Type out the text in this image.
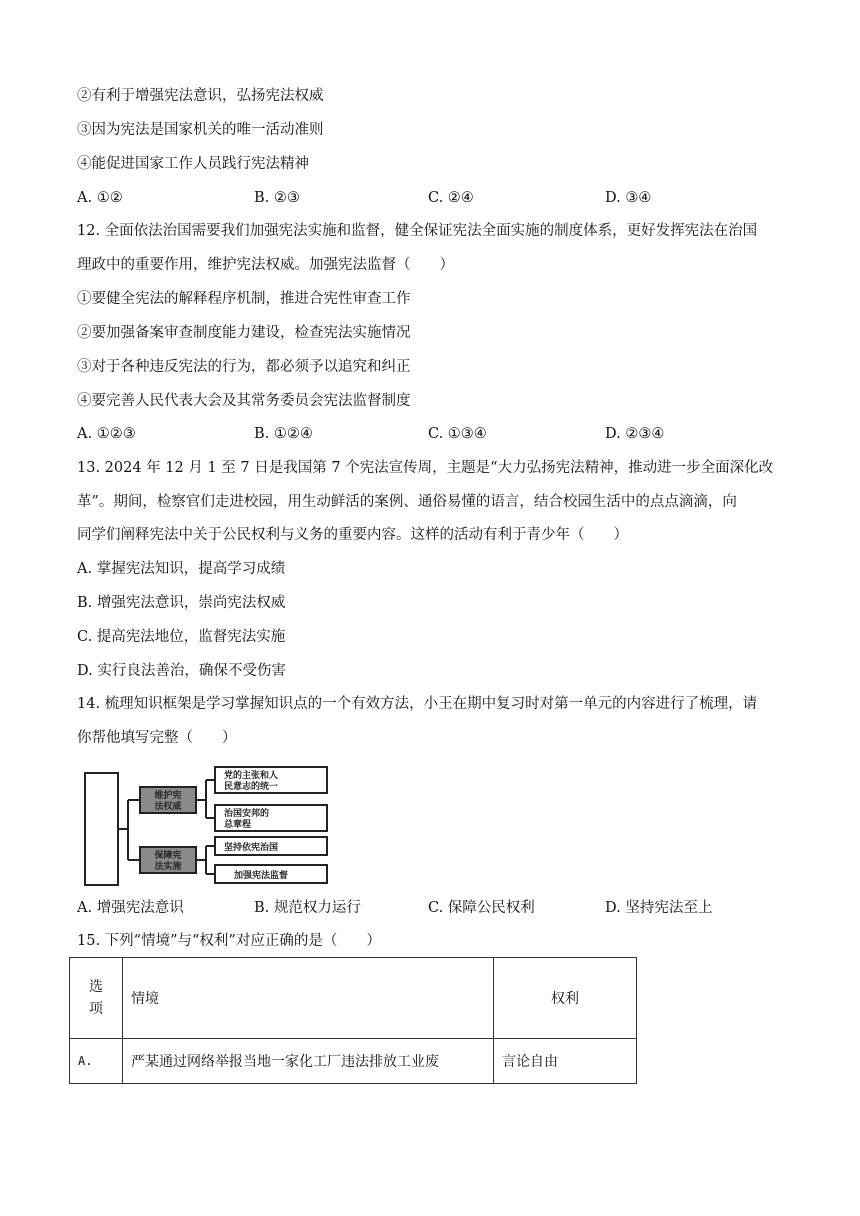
②有利于增强宪法意识，弘扬宪法权威
③因为宪法是国家机关的唯一活动准则
④能促进国家工作人员践行宪法精神
A. ①②	B. ②③	C. ②④	D. ③④
12. 全面依法治国需要我们加强宪法实施和监督，健全保证宪法全面实施的制度体系，更好发挥宪法在治国
理政中的重要作用，维护宪法权威。加强宪法监督（　　）
①要健全宪法的解释程序机制，推进合宪性审查工作
②要加强备案审查制度能力建设，检查宪法实施情况
③对于各种违反宪法的行为，都必须予以追究和纠正
④要完善人民代表大会及其常务委员会宪法监督制度
A. ①②③	B. ①②④	C. ①③④	D. ②③④
13. 2024 年 12 月 1 至 7 日是我国第 7 个宪法宣传周，主题是“大力弘扬宪法精神，推动进一步全面深化改
革”。期间，检察官们走进校园，用生动鲜活的案例、通俗易懂的语言，结合校园生活中的点点滴滴，向
同学们阐释宪法中关于公民权利与义务的重要内容。这样的活动有利于青少年（　　）
A. 掌握宪法知识，提高学习成绩
B. 增强宪法意识，崇尚宪法权威
C. 提高宪法地位，监督宪法实施
D. 实行良法善治，确保不受伤害
14. 梳理知识框架是学习掌握知识点的一个有效方法，小王在期中复习时对第一单元的内容进行了梳理，请
你帮他填写完整（　　）
维护宪
法权威
保障宪
法实施
党的主张和人
民意志的统一
治国安邦的
总章程
坚持依宪治国
加强宪法监督
A. 增强宪法意识	B. 规范权力运行	C. 保障公民权利	D. 坚持宪法至上
15. 下列“情境”与“权利”对应正确的是（　　）
选
项	情境	权利
A.	严某通过网络举报当地一家化工厂违法排放工业废	言论自由
